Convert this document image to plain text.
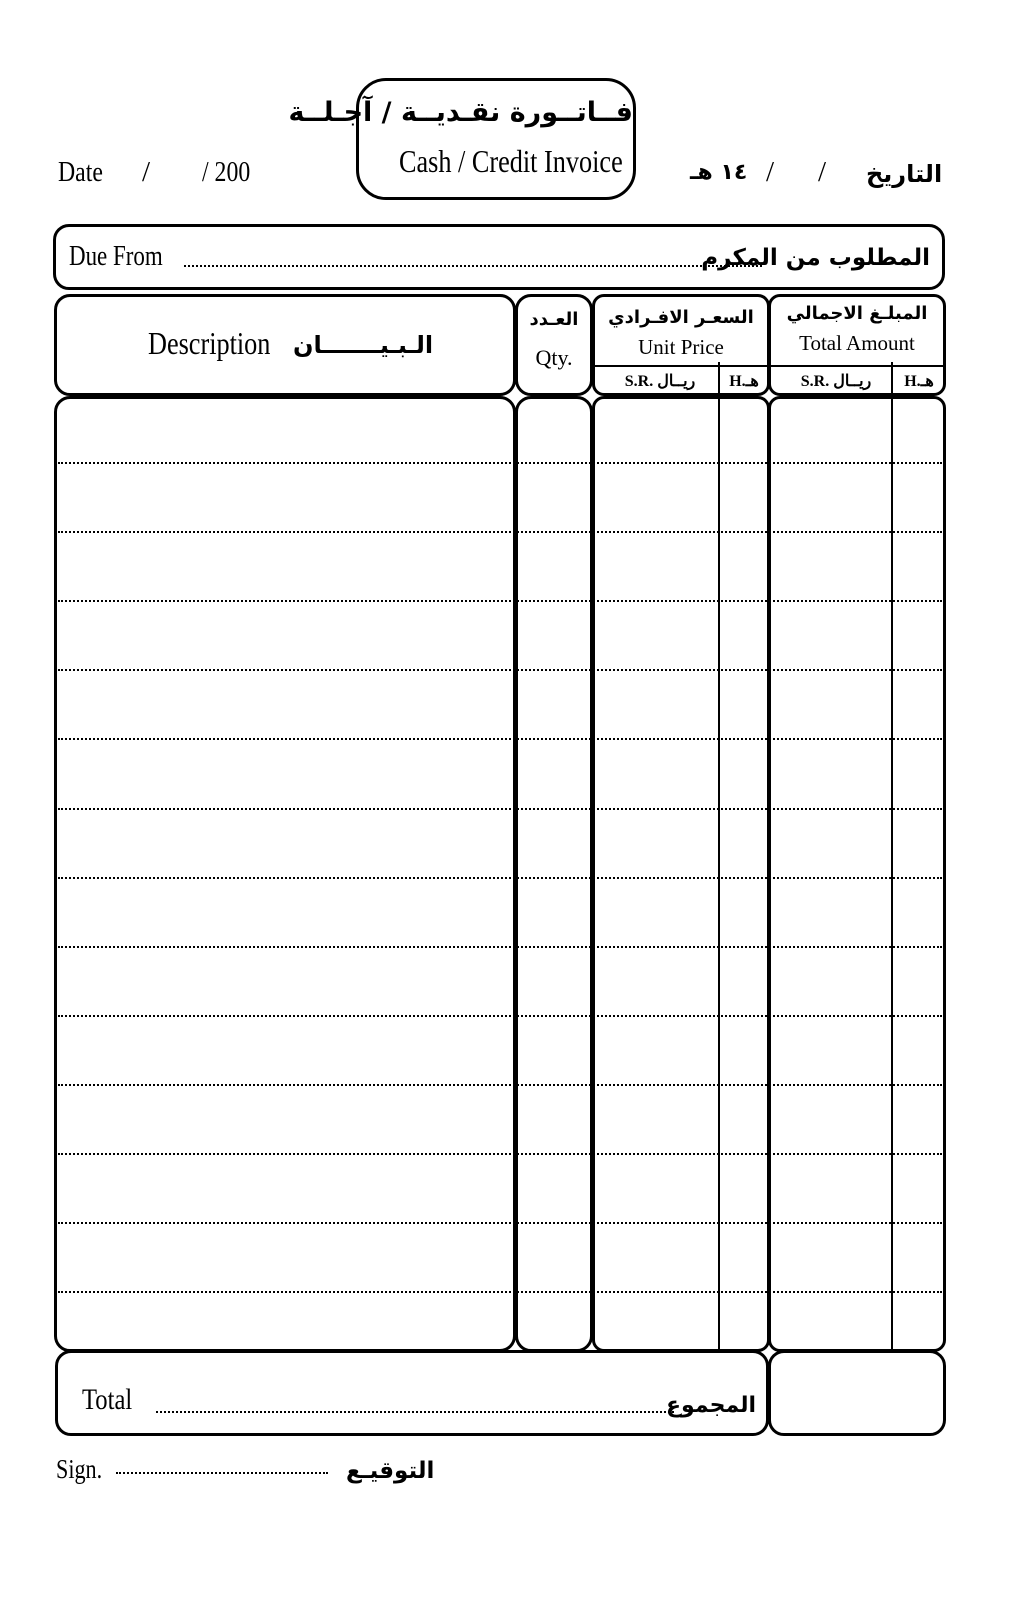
Date	/ / 200
فــاتــورة نقـديــة / آجـلــة
Cash / Credit Invoice	١٤ هـ / / التاريخ
Due From	المطلوب من المكرم
Description الـبـيـــــــان
العـدد
Qty.
السعـر الافـرادي
Unit Price
S.R. ريــال	H.هـ
المبلـغ الاجمالي
Total Amount
S.R. ريــال	H.هـ
Total	المجموع
Sign.	التوقيـع
